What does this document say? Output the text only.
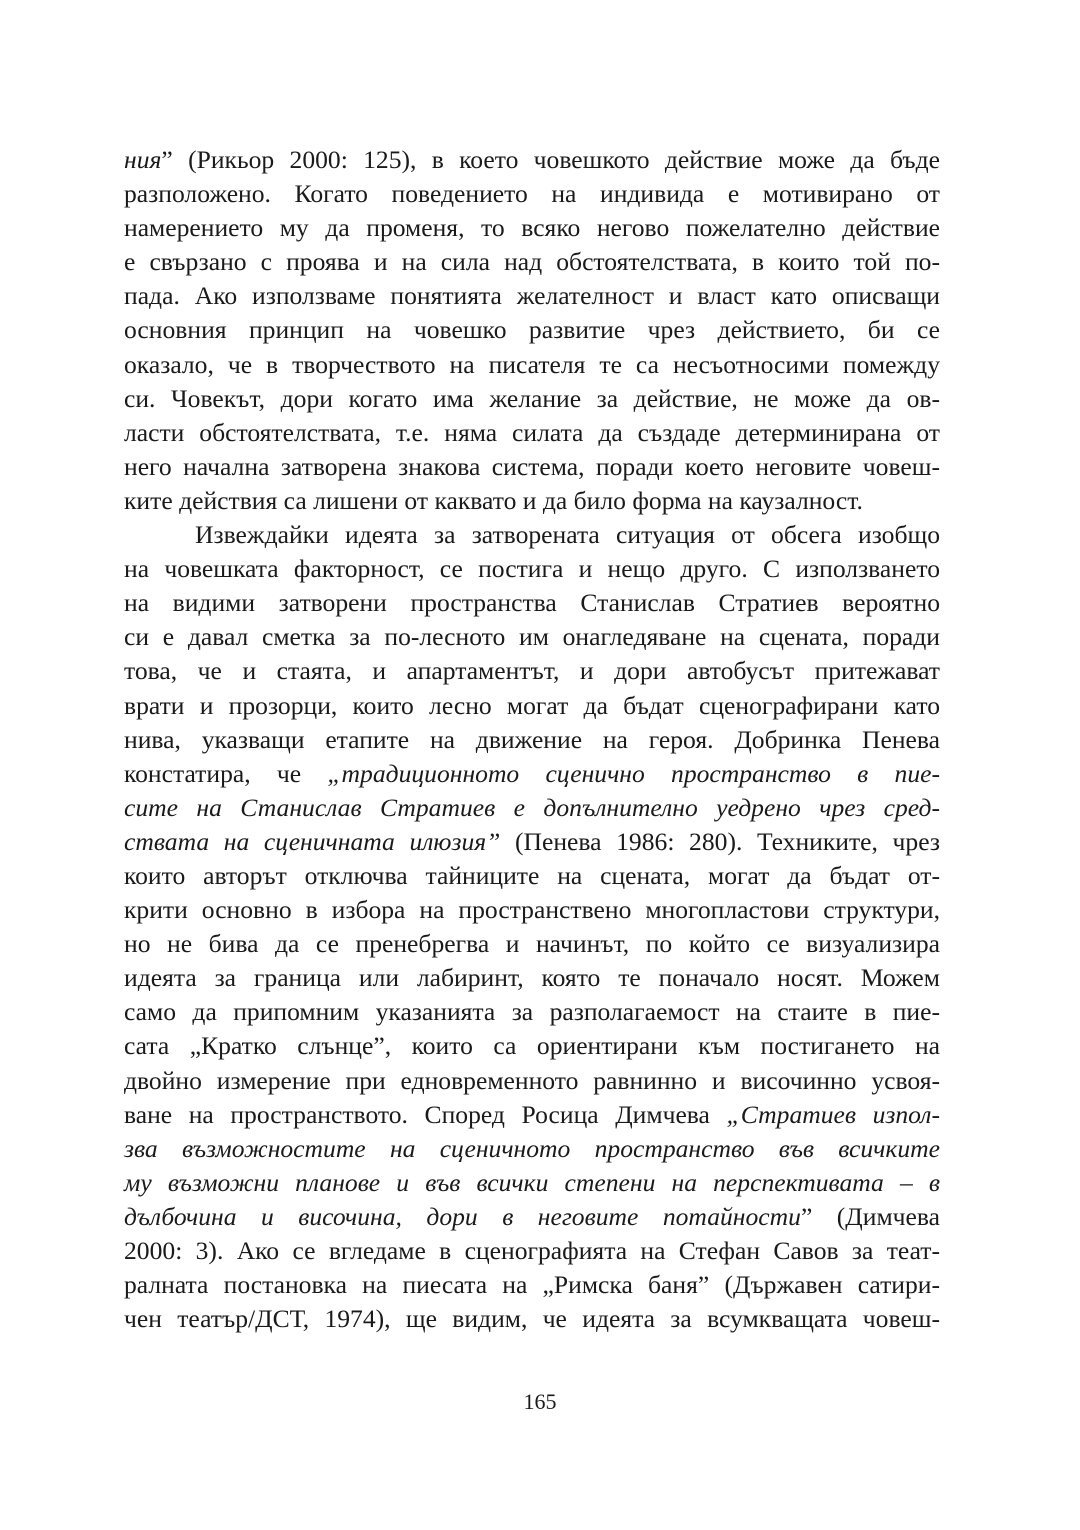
ния” (Рикьор 2000: 125), в което човешкото действие може да бъде
разположено. Когато поведението на индивида е мотивирано от
намерението му да променя, то всяко негово пожелателно действие
е свързано с проява и на сила над обстоятелствата, в които той по-
пада. Ако използваме понятията желателност и власт като описващи
основния принцип на човешко развитие чрез действието, би се
оказало, че в творчеството на писателя те са несъотносими помежду
си. Човекът, дори когато има желание за действие, не може да ов-
ласти обстоятелствата, т.е. няма силата да създаде детерминирана от
него начална затворена знакова система, поради което неговите човеш-
ките действия са лишени от каквато и да било форма на каузалност.
Извеждайки идеята за затворената ситуация от обсега изобщо
на човешката факторност, се постига и нещо друго. С използването
на видими затворени пространства Станислав Стратиев вероятно
си е давал сметка за по-лесното им онагледяване на сцената, поради
това, че и стаята, и апартаментът, и дори автобусът притежават
врати и прозорци, които лесно могат да бъдат сценографирани като
нива, указващи етапите на движение на героя. Добринка Пенева
констатира, че „традиционното сценично пространство в пие-
сите на Станислав Стратиев е допълнително уедрено чрез сред-
ствата на сценичната илюзия” (Пенева 1986: 280). Техниките, чрез
които авторът отключва тайниците на сцената, могат да бъдат от-
крити основно в избора на пространствено многопластови структури,
но не бива да се пренебрегва и начинът, по който се визуализира
идеята за граница или лабиринт, която те поначало носят. Можем
само да припомним указанията за разполагаемост на стаите в пие-
сата „Кратко слънце”, които са ориентирани към постигането на
двойно измерение при едновременното равнинно и височинно усвоя-
ване на пространството. Според Росица Димчева „Стратиев изпол-
зва възможностите на сценичното пространство във всичките
му възможни планове и във всички степени на перспективата – в
дълбочина и височина, дори в неговите потайности” (Димчева
2000: 3). Ако се вгледаме в сценографията на Стефан Савов за теат-
ралната постановка на пиесата на „Римска баня” (Държавен сатири-
чен театър/ДСТ, 1974), ще видим, че идеята за всумкващата човеш-
165
